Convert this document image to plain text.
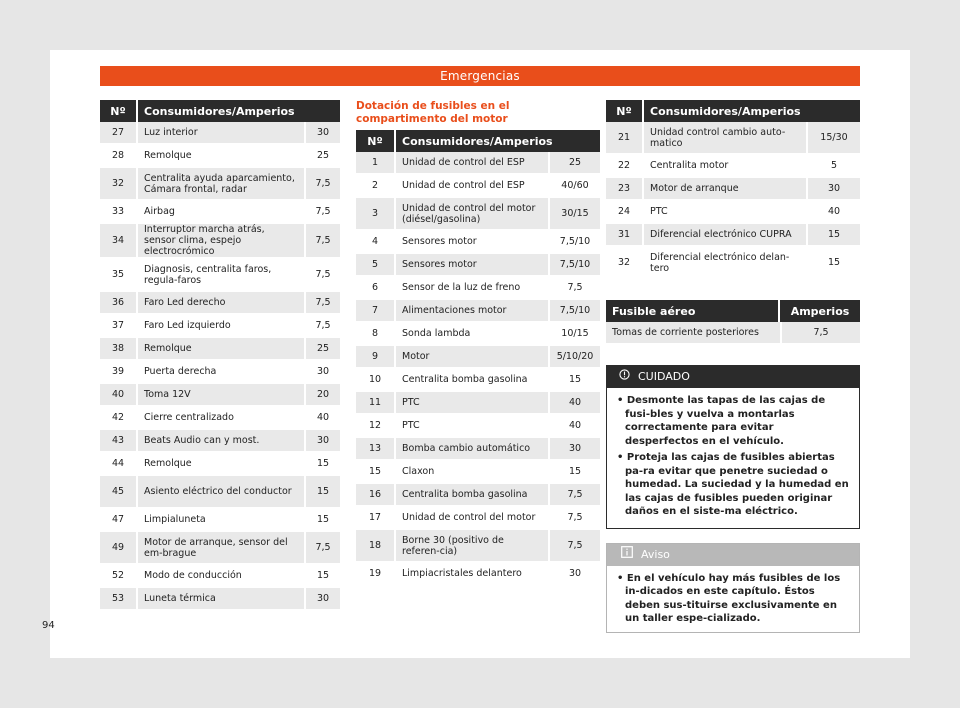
Emergencias
Nº	Consumidores/Amperios	
27	Luz interior	30
28	Remolque	25
32	Centralita ayuda aparcamiento, Cámara frontal, radar	7,5
33	Airbag	7,5
34	Interruptor marcha atrás, sensor clima, espejo electrocrómico	7,5
35	Diagnosis, centralita faros, regula-faros	7,5
36	Faro Led derecho	7,5
37	Faro Led izquierdo	7,5
38	Remolque	25
39	Puerta derecha	30
40	Toma 12V	20
42	Cierre centralizado	40
43	Beats Audio can y most.	30
44	Remolque	15
45	Asiento eléctrico del conductor	15
47	Limpialuneta	15
49	Motor de arranque, sensor del em-brague	7,5
52	Modo de conducción	15
53	Luneta térmica	30
Dotación de fusibles en el compartimento del motor
Nº	Consumidores/Amperios	
1	Unidad de control del ESP	25
2	Unidad de control del ESP	40/60
3	Unidad de control del motor (diésel/gasolina)	30/15
4	Sensores motor	7,5/10
5	Sensores motor	7,5/10
6	Sensor de la luz de freno	7,5
7	Alimentaciones motor	7,5/10
8	Sonda lambda	10/15
9	Motor	5/10/20
10	Centralita bomba gasolina	15
11	PTC	40
12	PTC	40
13	Bomba cambio automático	30
15	Claxon	15
16	Centralita bomba gasolina	7,5
17	Unidad de control del motor	7,5
18	Borne 30 (positivo de referen-cia)	7,5
19	Limpiacristales delantero	30
Nº	Consumidores/Amperios	
21	Unidad control cambio auto-matico	15/30
22	Centralita motor	5
23	Motor de arranque	30
24	PTC	40
31	Diferencial electrónico CUPRA	15
32	Diferencial electrónico delan-tero	15
Fusible aéreo	Amperios
Tomas de corriente posteriores	7,5
CUIDADO

• Desmonte las tapas de las cajas de fusi-bles y vuelva a montarlas correctamente para evitar desperfectos en el vehículo.

• Proteja las cajas de fusibles abiertas pa-ra evitar que penetre suciedad o humedad. La suciedad y la humedad en las cajas de fusibles pueden originar daños en el siste-ma eléctrico.

Aviso

• En el vehículo hay más fusibles de los in-dicados en este capítulo. Éstos deben sus-tituirse exclusivamente en un taller espe-cializado.

94
